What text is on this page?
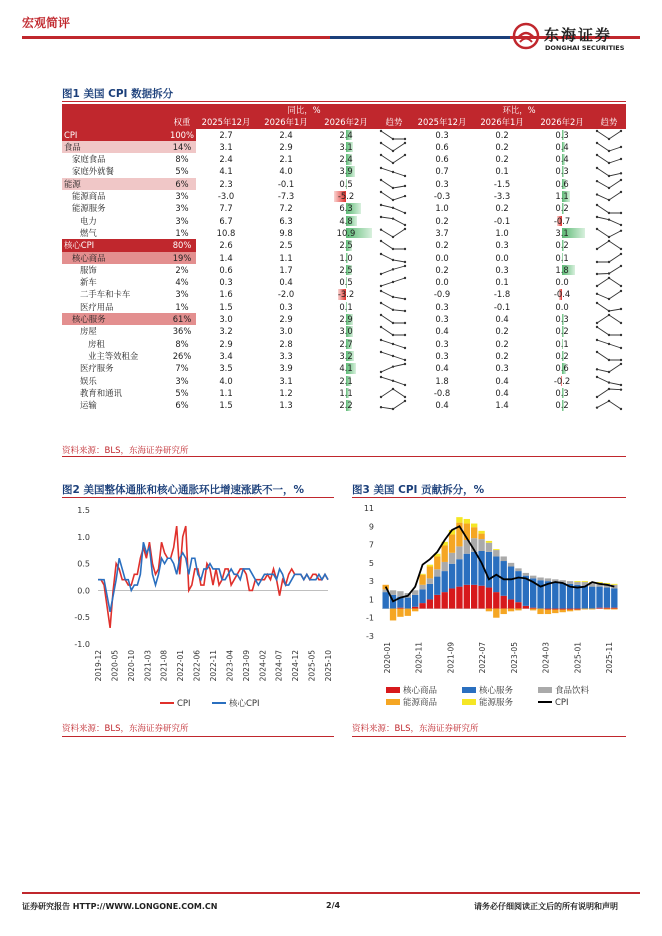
宏观简评
东海证券
DONGHAI SECURITIES
图1 美国 CPI 数据拆分
		同比，%				环比，%			
	权重	2025年12月	2026年1月	2026年2月	趋势	2025年12月	2026年1月	2026年2月	趋势
CPI	100%	2.7	2.4	2.4		0.3	0.2	0.3	

食品	14%	3.1	2.9	3.1		0.6	0.2	0.4	

家庭食品	8%	2.4	2.1	2.4		0.6	0.2	0.4	

家庭外就餐	5%	4.1	4.0	3.9		0.7	0.1	0.3	

能源	6%	2.3	-0.1	0.5		0.3	-1.5	0.6	

能源商品	3%	-3.0	-7.3	-5.2		-0.3	-3.3	1.1	

能源服务	3%	7.7	7.2	6.3		1.0	0.2	0.2	

电力	3%	6.7	6.3	4.8		0.2	-0.1	-0.7	

燃气	1%	10.8	9.8	10.9		3.7	1.0	3.1	

核心CPI	80%	2.6	2.5	2.5		0.2	0.3	0.2	

核心商品	19%	1.4	1.1	1.0		0.0	0.0	0.1	

服饰	2%	0.6	1.7	2.5		0.2	0.3	1.8	

新车	4%	0.3	0.4	0.5		0.0	0.1	0.0	

二手车和卡车	3%	1.6	-2.0	-3.2		-0.9	-1.8	-0.4	

医疗用品	1%	1.5	0.3	0.1		0.3	-0.1	0.0	

核心服务	61%	3.0	2.9	2.9		0.3	0.4	0.3	

房屋	36%	3.2	3.0	3.0		0.4	0.2	0.2	

房租	8%	2.9	2.8	2.7		0.3	0.2	0.1	

业主等效租金	26%	3.4	3.3	3.2		0.3	0.2	0.2	

医疗服务	7%	3.5	3.9	4.1		0.4	0.3	0.6	

娱乐	3%	4.0	3.1	2.1		1.8	0.4	-0.2	

教育和通讯	5%	1.1	1.2	1.1		-0.8	0.4	0.3	

运输	6%	1.5	1.3	2.2		0.4	1.4	0.2	
资料来源：BLS，东海证券研究所
图2 美国整体通胀和核心通胀环比增速涨跌不一，%
1.5
1.0
0.5
0.0
-0.5
-1.0
2019-12 2020-05 2020-10 2021-03 2021-08 2022-01 2022-06 2022-11 2023-04 2023-09 2024-02 2024-07 2024-12 2025-05 2025-10
CPI	核心CPI
资料来源：BLS，东海证券研究所
图3 美国 CPI 贡献拆分，%
11
9
7
5
3
1
-1
-3
2020-01	2020-11	2021-09	2022-07	2023-05	2024-03	2025-01	2025-11
核心商品	核心服务	食品饮料
能源商品	能源服务	CPI
资料来源：BLS，东海证券研究所
证券研究报告 HTTP://WWW.LONGONE.COM.CN	2/4	请务必仔细阅读正文后的所有说明和声明
